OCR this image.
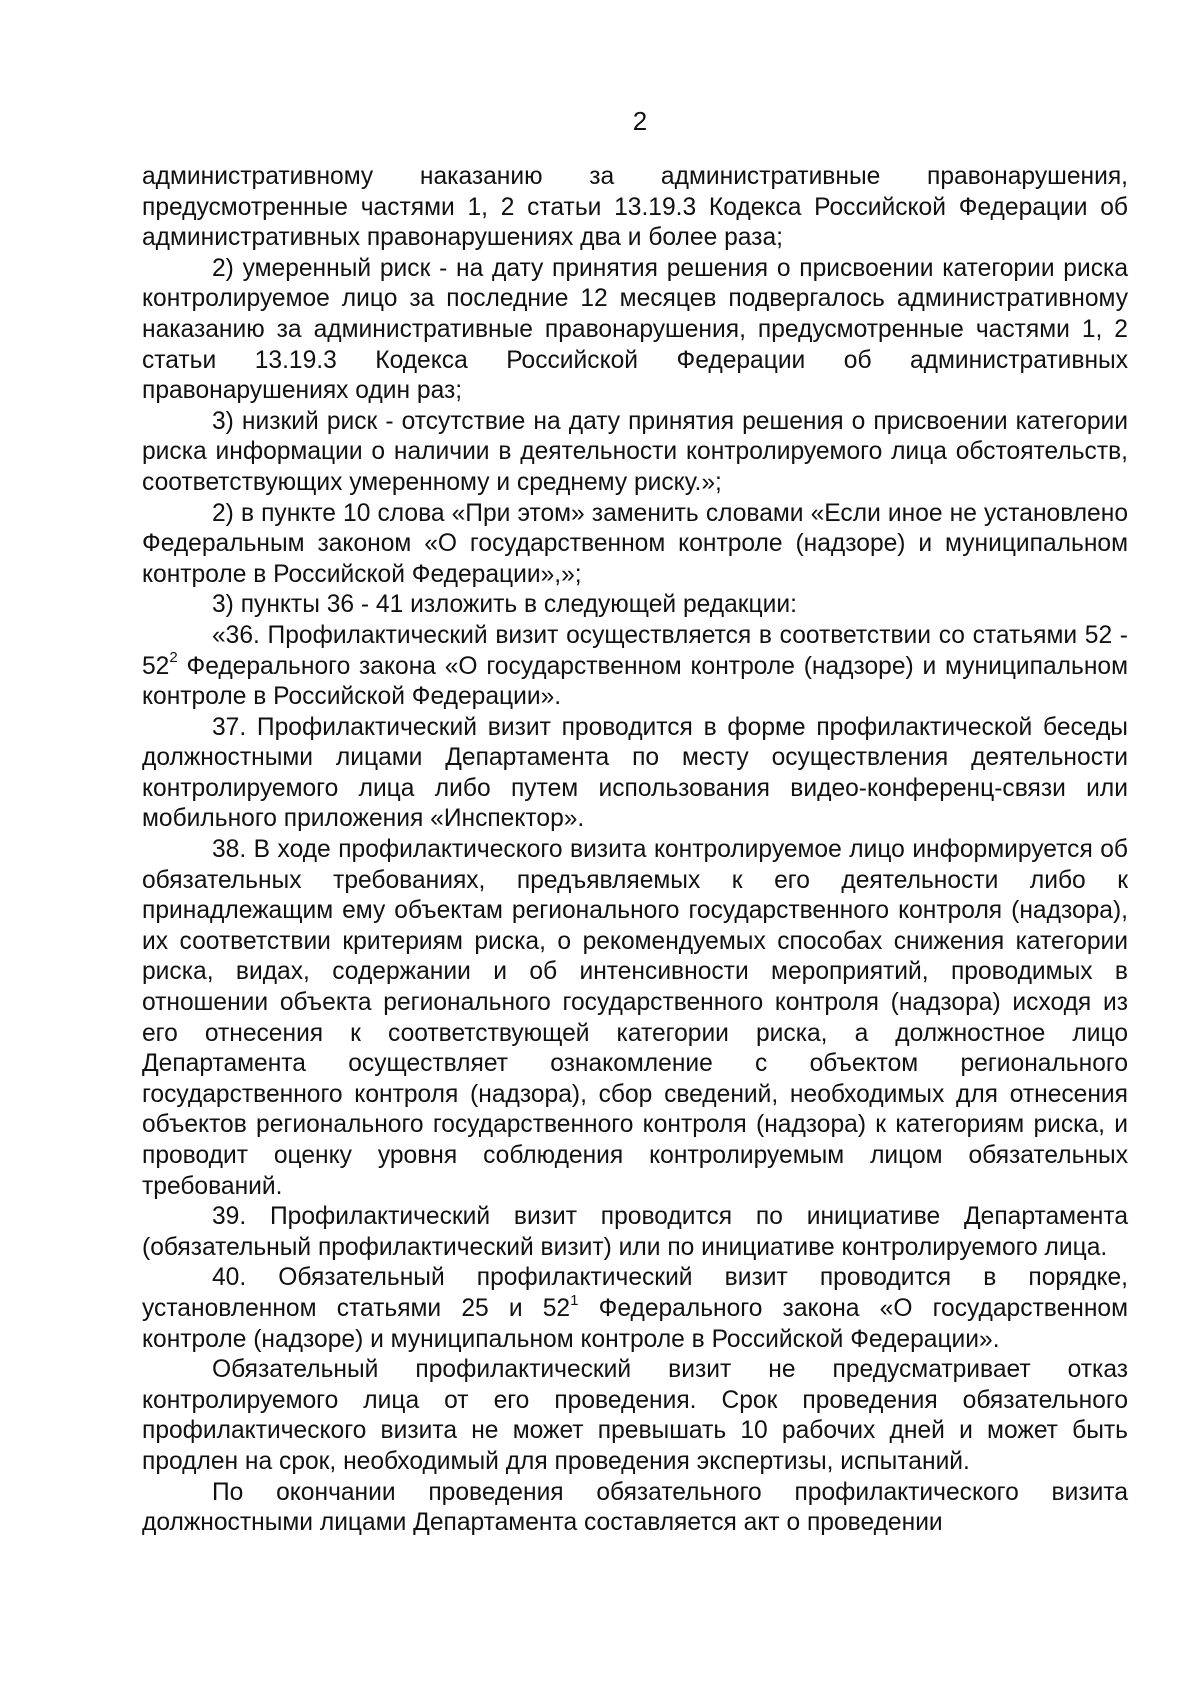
2

административному наказанию за административные правонарушения, предусмотренные частями 1, 2 статьи 13.19.3 Кодекса Российской Федерации об административных правонарушениях два и более раза;

2) умеренный риск - на дату принятия решения о присвоении категории риска контролируемое лицо за последние 12 месяцев подвергалось административному наказанию за административные правонарушения, предусмотренные частями 1, 2 статьи 13.19.3 Кодекса Российской Федерации об административных правонарушениях один раз;

3) низкий риск - отсутствие на дату принятия решения о присвоении категории риска информации о наличии в деятельности контролируемого лица обстоятельств, соответствующих умеренному и среднему риску.»;

2) в пункте 10 слова «При этом» заменить словами «Если иное не установлено Федеральным законом «О государственном контроле (надзоре) и муниципальном контроле в Российской Федерации»,»;

3) пункты 36 - 41 изложить в следующей редакции:

«36. Профилактический визит осуществляется в соответствии со статьями $52 - 52^2$ Федерального закона «О государственном контроле (надзоре) и муниципальном контроле в Российской Федерации».

37. Профилактический визит проводится в форме профилактической беседы должностными лицами Департамента по месту осуществления деятельности контролируемого лица либо путем использования видео-конференц-связи или мобильного приложения «Инспектор».

38. В ходе профилактического визита контролируемое лицо информируется об обязательных требованиях, предъявляемых к его деятельности либо к принадлежащим ему объектам регионального государственного контроля (надзора), их соответствии критериям риска, о рекомендуемых способах снижения категории риска, видах, содержании и об интенсивности мероприятий, проводимых в отношении объекта регионального государственного контроля (надзора) исходя из его отнесения к соответствующей категории риска, а должностное лицо Департамента осуществляет ознакомление с объектом регионального государственного контроля (надзора), сбор сведений, необходимых для отнесения объектов регионального государственного контроля (надзора) к категориям риска, и проводит оценку уровня соблюдения контролируемым лицом обязательных требований.

39. Профилактический визит проводится по инициативе Департамента (обязательный профилактический визит) или по инициативе контролируемого лица.

40. Обязательный профилактический визит проводится в порядке, установленном статьями 25 и $52^1$ Федерального закона «О государственном контроле (надзоре) и муниципальном контроле в Российской Федерации».

Обязательный профилактический визит не предусматривает отказ контролируемого лица от его проведения. Срок проведения обязательного профилактического визита не может превышать 10 рабочих дней и может быть продлен на срок, необходимый для проведения экспертизы, испытаний.

По окончании проведения обязательного профилактического визита должностными лицами Департамента составляется акт о проведении
